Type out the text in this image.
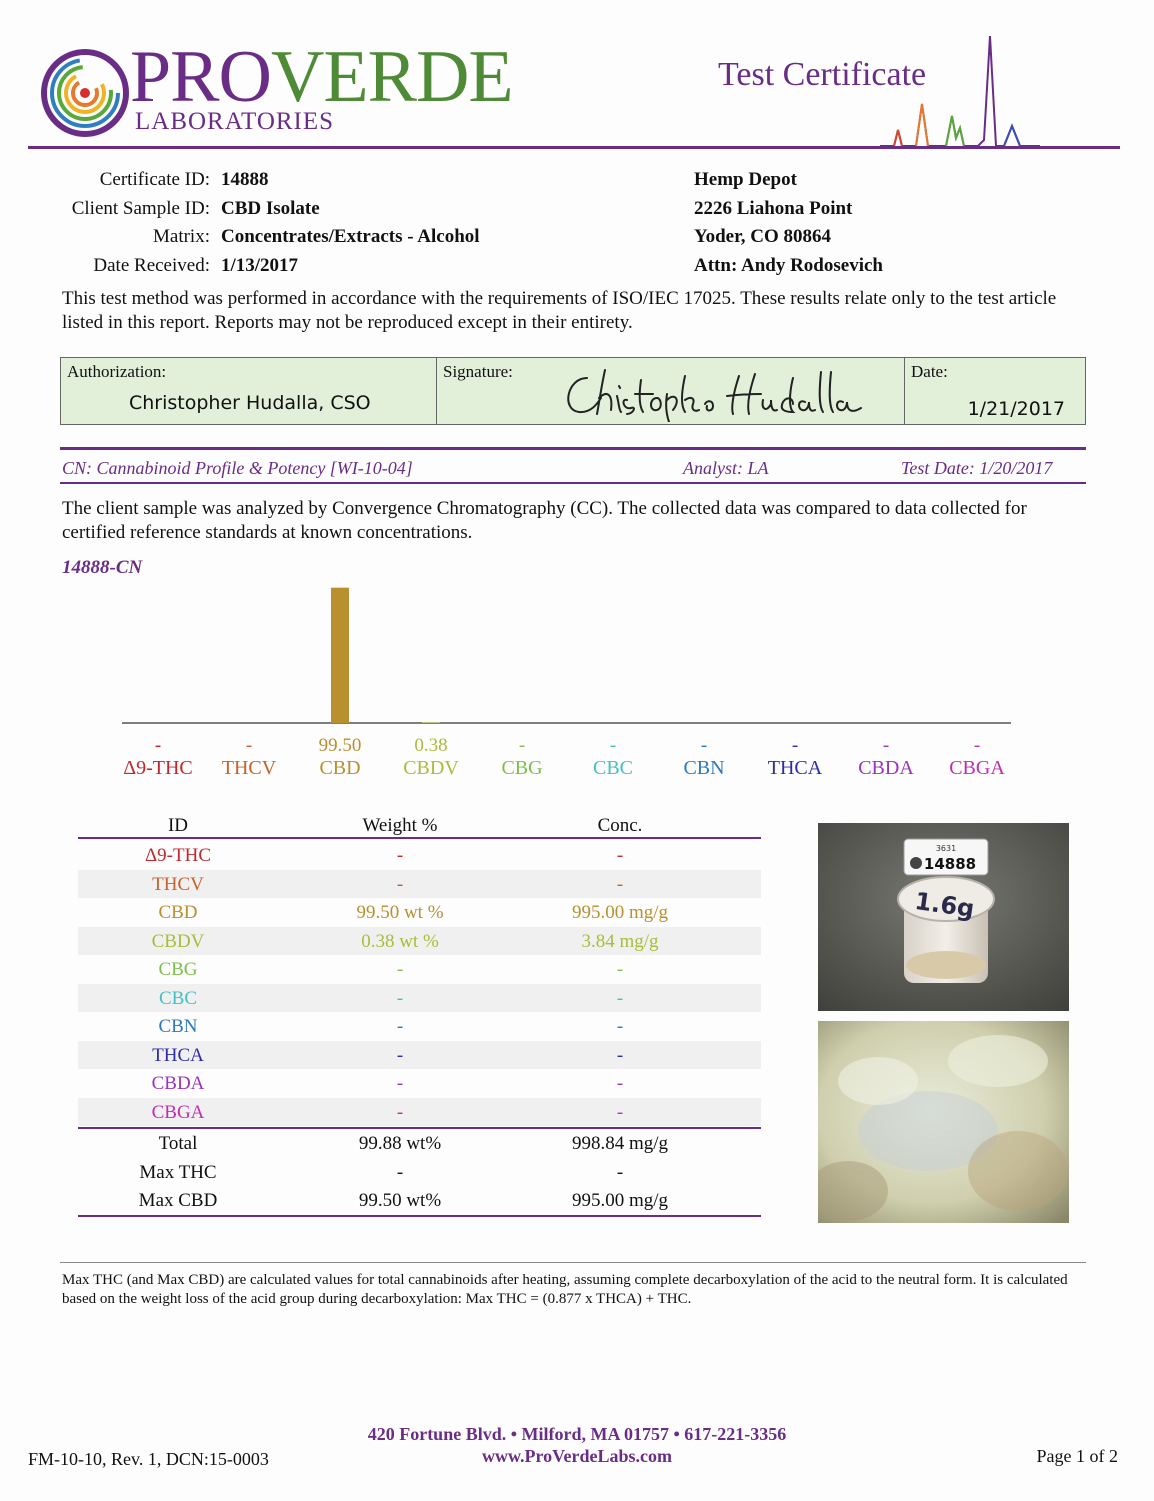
PROVERDE
LABORATORIES
Test Certificate
Certificate ID: 14888
Client Sample ID: CBD Isolate
Matrix: Concentrates/Extracts - Alcohol
Date Received: 1/13/2017
Hemp Depot
2226 Liahona Point
Yoder, CO 80864
Attn: Andy Rodosevich
This test method was performed in accordance with the requirements of ISO/IEC 17025. These results relate only to the test article listed in this report. Reports may not be reproduced except in their entirety.
Authorization:
Christopher Hudalla, CSO
Signature:	Date:
1/21/2017
CN: Cannabinoid Profile & Potency [WI-10-04]	Analyst: LA	Test Date: 1/20/2017
The client sample was analyzed by Convergence Chromatography (CC). The collected data was compared to data collected for certified reference standards at known concentrations.
14888-CN
-
Δ9-THC
-
THCV
99.50
CBD
0.38
CBDV
-
CBG
-
CBC
-
CBN
-
THCA
-
CBDA
-
CBGA
ID	Weight %	Conc.
Δ9-THC	-	-
THCV	-	-
CBD	99.50 wt %	995.00 mg/g
CBDV	0.38 wt %	3.84 mg/g
CBG	-	-
CBC	-	-
CBN	-	-
THCA	-	-
CBDA	-	-
CBGA	-	-
Total	99.88 wt%	998.84 mg/g
Max THC	-	-
Max CBD	99.50 wt%	995.00 mg/g
3631
14888
1.6g
Max THC (and Max CBD) are calculated values for total cannabinoids after heating, assuming complete decarboxylation of the acid to the neutral form. It is calculated based on the weight loss of the acid group during decarboxylation: Max THC = (0.877 x THCA) + THC.
420 Fortune Blvd. • Milford, MA 01757 • 617-221-3356
www.ProVerdeLabs.com
FM-10-10, Rev. 1, DCN:15-0003	Page 1 of 2
